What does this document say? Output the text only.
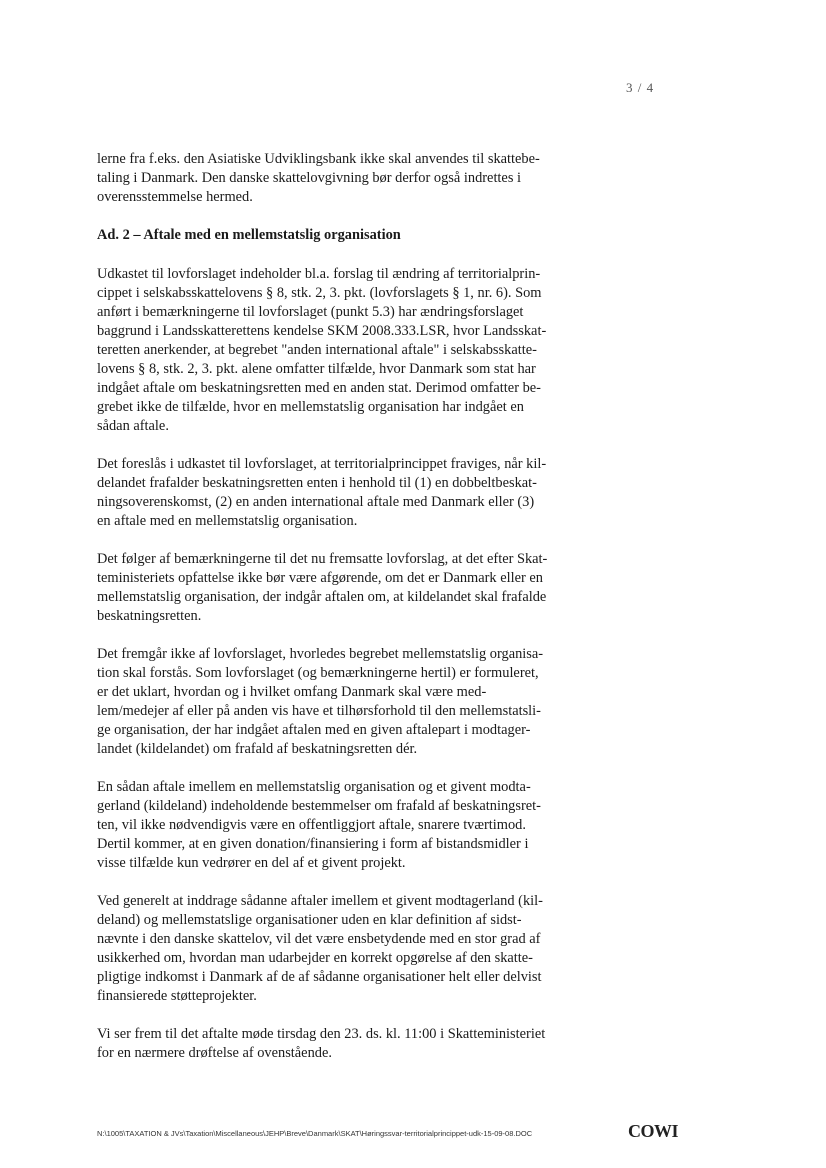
3 / 4

lerne fra f.eks. den Asiatiske Udviklingsbank ikke skal anvendes til skattebe-
taling i Danmark. Den danske skattelovgivning bør derfor også indrettes i
overensstemmelse hermed.

Ad. 2 – Aftale med en mellemstatslig organisation

Udkastet til lovforslaget indeholder bl.a. forslag til ændring af territorialprin-
cippet i selskabsskattelovens § 8, stk. 2, 3. pkt. (lovforslagets § 1, nr. 6). Som
anført i bemærkningerne til lovforslaget (punkt 5.3) har ændringsforslaget
baggrund i Landsskatterettens kendelse SKM 2008.333.LSR, hvor Landsskat-
teretten anerkender, at begrebet "anden international aftale" i selskabsskatte-
lovens § 8, stk. 2, 3. pkt. alene omfatter tilfælde, hvor Danmark som stat har
indgået aftale om beskatningsretten med en anden stat. Derimod omfatter be-
grebet ikke de tilfælde, hvor en mellemstatslig organisation har indgået en
sådan aftale.

Det foreslås i udkastet til lovforslaget, at territorialprincippet fraviges, når kil-
delandet frafalder beskatningsretten enten i henhold til (1) en dobbeltbeskat-
ningsoverenskomst, (2) en anden international aftale med Danmark eller (3)
en aftale med en mellemstatslig organisation.

Det følger af bemærkningerne til det nu fremsatte lovforslag, at det efter Skat-
teministeriets opfattelse ikke bør være afgørende, om det er Danmark eller en
mellemstatslig organisation, der indgår aftalen om, at kildelandet skal frafalde
beskatningsretten.

Det fremgår ikke af lovforslaget, hvorledes begrebet mellemstatslig organisa-
tion skal forstås. Som lovforslaget (og bemærkningerne hertil) er formuleret,
er det uklart, hvordan og i hvilket omfang Danmark skal være med-
lem/medejer af eller på anden vis have et tilhørsforhold til den mellemstatsli-
ge organisation, der har indgået aftalen med en given aftalepart i modtager-
landet (kildelandet) om frafald af beskatningsretten dér.

En sådan aftale imellem en mellemstatslig organisation og et givent modta-
gerland (kildeland) indeholdende bestemmelser om frafald af beskatningsret-
ten, vil ikke nødvendigvis være en offentliggjort aftale, snarere tværtimod.
Dertil kommer, at en given donation/finansiering i form af bistandsmidler i
visse tilfælde kun vedrører en del af et givent projekt.

Ved generelt at inddrage sådanne aftaler imellem et givent modtagerland (kil-
deland) og mellemstatslige organisationer uden en klar definition af sidst-
nævnte i den danske skattelov, vil det være ensbetydende med en stor grad af
usikkerhed om, hvordan man udarbejder en korrekt opgørelse af den skatte-
pligtige indkomst i Danmark af de af sådanne organisationer helt eller delvist
finansierede støtteprojekter.

Vi ser frem til det aftalte møde tirsdag den 23. ds. kl. 11:00 i Skatteministeriet
for en nærmere drøftelse af ovenstående.

N:\1005\TAXATION & JVs\Taxation\Miscellaneous\JEHP\Breve\Danmark\SKAT\Høringssvar-territorialprincippet-udk-15-09-08.DOC	COWI
